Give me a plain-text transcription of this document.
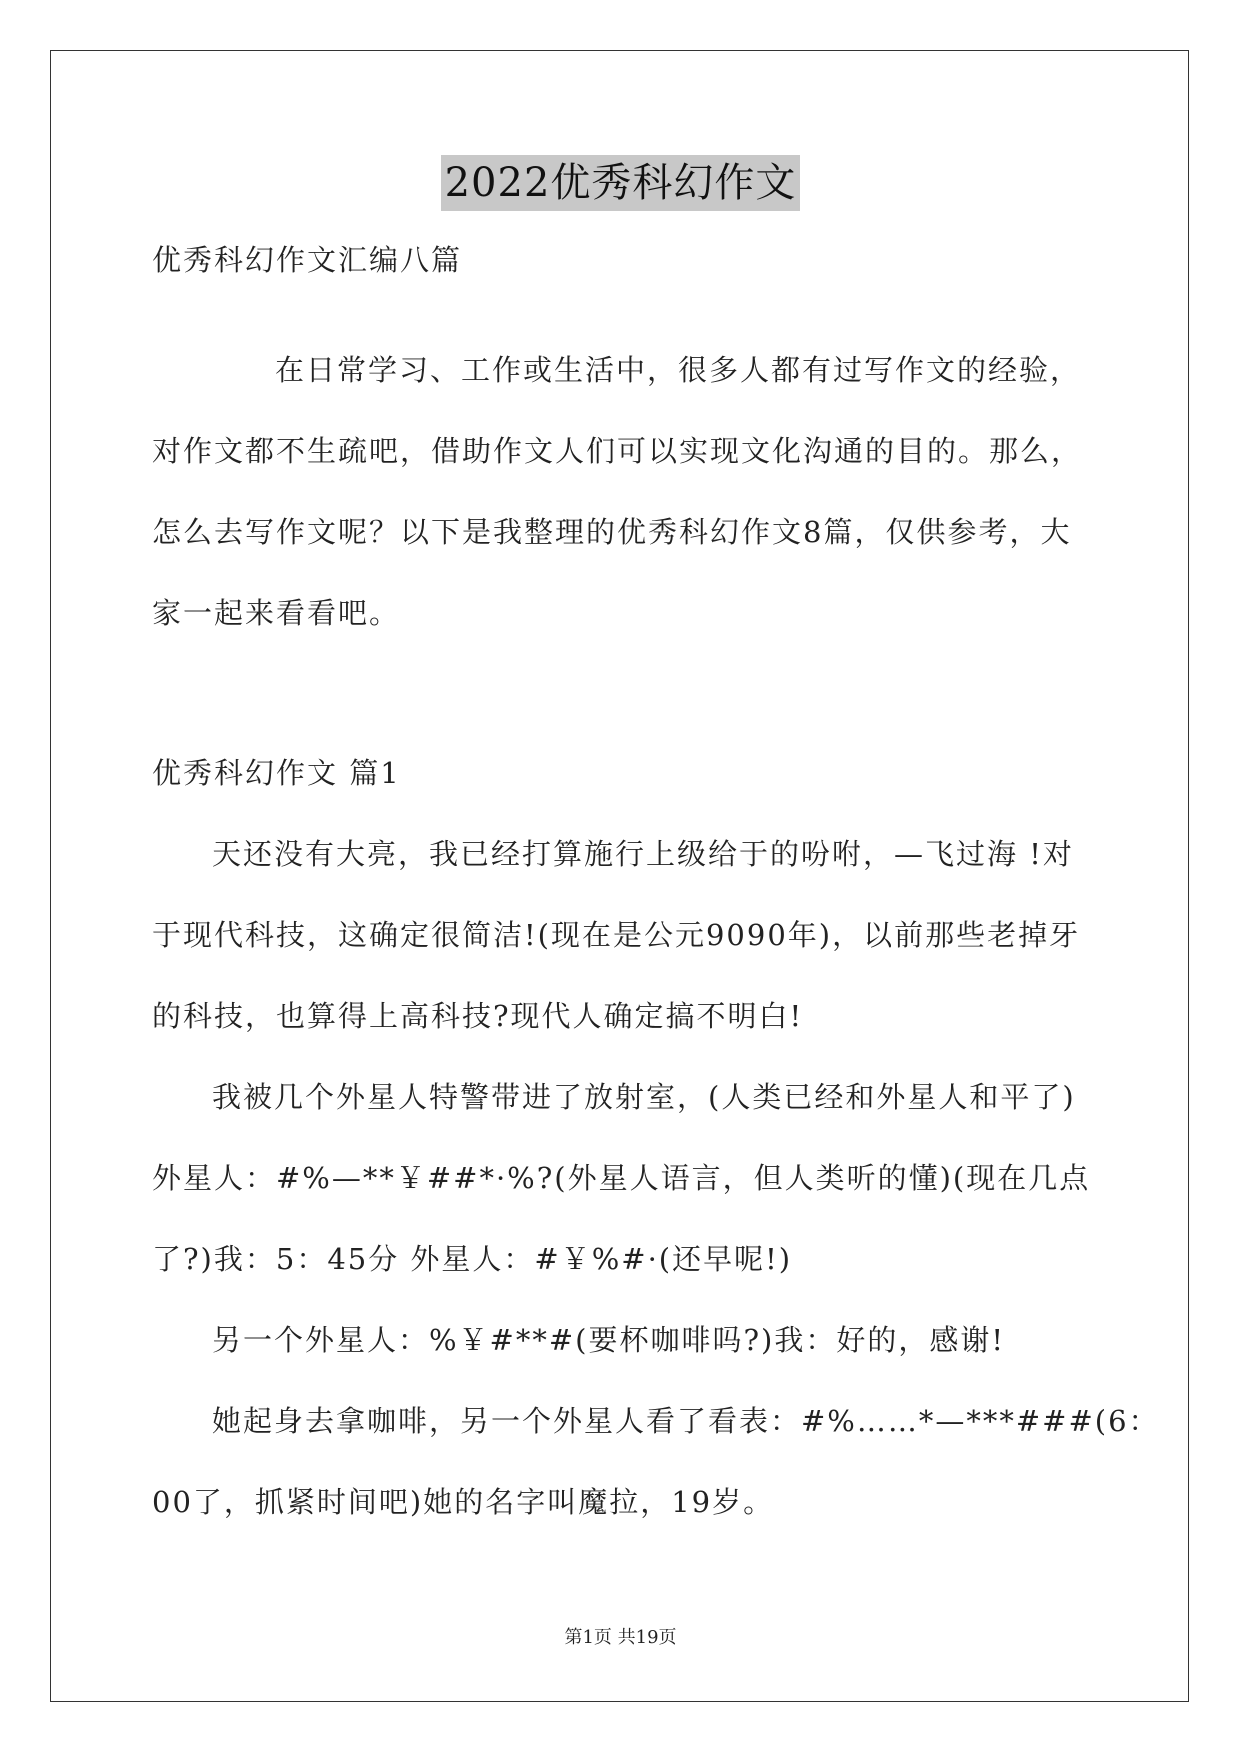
2022优秀科幻作文
优秀科幻作文汇编八篇
在日常学习、工作或生活中，很多人都有过写作文的经验，
对作文都不生疏吧，借助作文人们可以实现文化沟通的目的。那么，
怎么去写作文呢？以下是我整理的优秀科幻作文8篇，仅供参考，大
家一起来看看吧。
优秀科幻作文 篇1
天还没有大亮，我已经打算施行上级给于的吩咐，—飞过海 !对
于现代科技，这确定很简洁!(现在是公元9090年)，以前那些老掉牙
的科技，也算得上高科技?现代人确定搞不明白!
我被几个外星人特警带进了放射室，(人类已经和外星人和平了)
外星人：#%—**￥##*·%?(外星人语言，但人类听的懂)(现在几点
了?)我：5：45分 外星人：#￥%#·(还早呢!)
另一个外星人：%￥#**#(要杯咖啡吗?)我：好的，感谢!
她起身去拿咖啡，另一个外星人看了看表：#%……*—***###(6：
00了，抓紧时间吧)她的名字叫魔拉，19岁。
第1页 共19页
